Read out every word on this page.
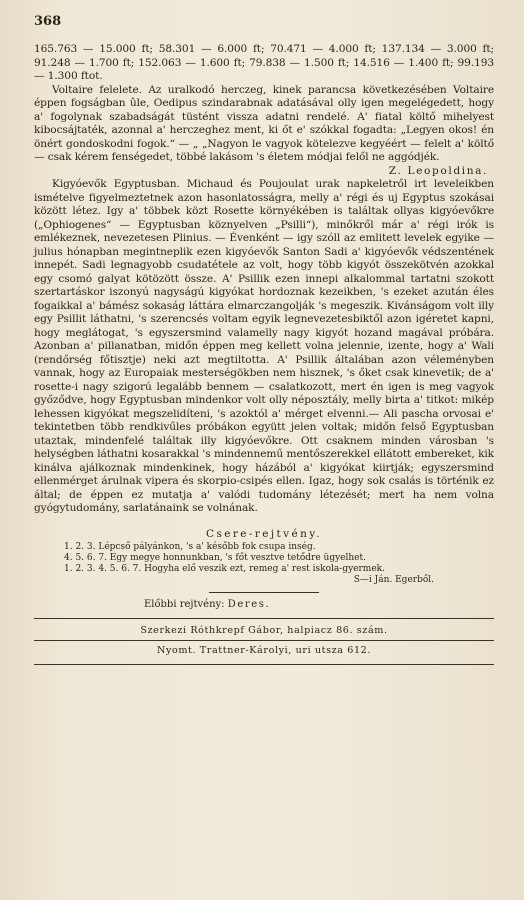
368

165.763 — 15.000 ft; 58.301 — 6.000 ft; 70.471 — 4.000 ft; 137.134 — 3.000 ft; 91.248 — 1.700 ft; 152.063 — 1.600 ft; 79.838 — 1.500 ft; 14.516 — 1.400 ft; 99.193 — 1.300 ftot.

Voltaire felelete. Az uralkodó herczeg, kinek parancsa következésében Voltaire éppen fogságban ûle, Oedipus szindarabnak adatásával olly igen megelégedett, hogy a' fogolynak szabadságát tüstént vissza adatni rendelé. A' fiatal költő mihelyest kibocsájtaték, azonnal a' herczeghez ment, ki őt e' szókkal fogadta: „Legyen okos! én önért gondoskodni fogok.“ — „ „Nagyon le vagyok kötelezve kegyéért — felelt a' költő — csak kérem fenségedet, többé lakásom 's életem módjai felől ne aggódjék.

Z. Leopoldina.

Kigyóevők Egyptusban. Michaud és Poujoulat urak napkeletről irt leveleikben ismételve figyelmeztetnek azon hasonlatosságra, melly a' régi és uj Egyptus szokásai között létez. Igy a' többek közt Rosette környékében is találtak ollyas kigyóevőkre („Ophiogenes“ — Egyptusban köznyelven „Psilli“), minőkről már a' régi irók is emlékeznek, nevezetesen Plinius. — Évenként — igy szóll az emlitett levelek egyike — julius hónapban megintneplik ezen kigyóevők Santon Sadi a' kigyóevők védszentének innepét. Sadi legnagyobb csudatétele az volt, hogy több kigyót összekötvén azokkal egy csomó galyat kötözött össze. A' Psillik ezen innepi alkalommal tartatni szokott szertartáskor iszonyú nagyságú kigyókat hordoznak kezeikben, 's ezeket azután éles fogaikkal a' bámész sokaság láttára elmarczangolják 's megeszik. Kivánságom volt illy egy Psillit láthatni, 's szerencsés voltam egyik legnevezetesbiktől azon igéretet kapni, hogy meglátogat, 's egyszersmind valamelly nagy kigyót hozand magával próbára. Azonban a' pillanatban, midőn éppen meg kellett volna jelennie, izente, hogy a' Wali (rendőrség főtisztje) neki azt megtiltotta. A' Psillik általában azon véleményben vannak, hogy az Europaiak mesterségökben nem hisznek, 's őket csak kinevetik; de a' rosette-i nagy szigorú legalább bennem — csalatkozott, mert én igen is meg vagyok győződve, hogy Egyptusban mindenkor volt olly néposztály, melly birta a' titkot: mikép lehessen kigyókat megszelidíteni, 's azoktól a' mérget elvenni.— Ali pascha orvosai e' tekintetben több rendkivűles próbákon együtt jelen voltak; midőn felső Egyptusban utaztak, mindenfelé találtak illy kigyóevőkre. Ott csaknem minden városban 's helységben láthatni kosarakkal 's mindennemű mentőszerekkel ellátott embereket, kik kinálva ajálkoznak mindenkinek, hogy házából a' kigyókat kiirtják; egyszersmind ellenmérget árulnak vipera és skorpio-csipés ellen. Igaz, hogy sok csalás is történik ez által; de éppen ez mutatja a' valódi tudomány létezését; mert ha nem volna gyógytudomány, sarlatánaink se volnának.

Csere-rejtvény.
1. 2. 3. Lépcső pályánkon, 's a' később fok csupa inség.
4. 5. 6. 7. Egy megye honnunkban, 's főt vesztve tetődre ügyelhet.
1. 2. 3. 4. 5. 6. 7. Hogyha elő veszik ezt, remeg a' rest iskola-gyermek.
S—i Ján. Egerből.
Előbbi rejtvény: Deres.
Szerkezi Róthkrepf Gábor, halpiacz 86. szám.
Nyomt. Trattner-Károlyi, uri utsza 612.
